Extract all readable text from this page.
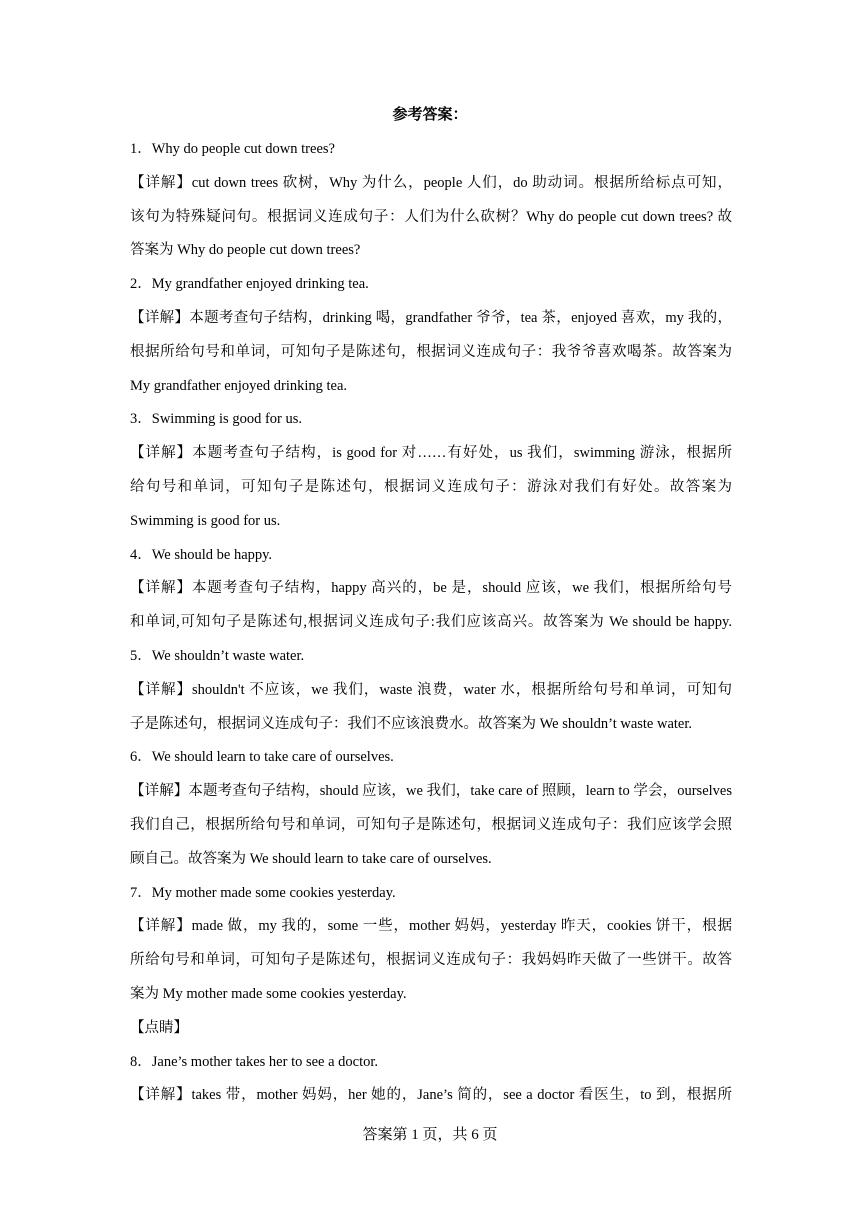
参考答案：
1．Why do people cut down trees?
【详解】cut down trees 砍树，Why 为什么，people 人们，do 助动词。根据所给标点可知，
该句为特殊疑问句。根据词义连成句子：人们为什么砍树？Why do people cut down trees? 故
答案为 Why do people cut down trees?
2．My grandfather enjoyed drinking tea.
【详解】本题考查句子结构，drinking 喝，grandfather 爷爷，tea 茶，enjoyed 喜欢，my 我的，
根据所给句号和单词，可知句子是陈述句，根据词义连成句子：我爷爷喜欢喝茶。故答案为
My grandfather enjoyed drinking tea.
3．Swimming is good for us.
【详解】本题考查句子结构，is good for 对……有好处，us 我们，swimming 游泳，根据所
给句号和单词，可知句子是陈述句，根据词义连成句子：游泳对我们有好处。故答案为
Swimming is good for us.
4．We should be happy.
【详解】本题考查句子结构，happy 高兴的，be 是，should 应该，we 我们，根据所给句号
和单词,可知句子是陈述句,根据词义连成句子:我们应该高兴。故答案为 We should be happy.
5．We shouldn’t waste water.
【详解】shouldn't 不应该，we 我们，waste 浪费，water 水，根据所给句号和单词，可知句
子是陈述句，根据词义连成句子：我们不应该浪费水。故答案为 We shouldn’t waste water.
6．We should learn to take care of ourselves.
【详解】本题考查句子结构，should 应该，we 我们，take care of 照顾，learn to 学会，ourselves
我们自己，根据所给句号和单词，可知句子是陈述句，根据词义连成句子：我们应该学会照
顾自己。故答案为 We should learn to take care of ourselves.
7．My mother made some cookies yesterday.
【详解】made 做，my 我的，some 一些，mother 妈妈，yesterday 昨天，cookies 饼干，根据
所给句号和单词，可知句子是陈述句，根据词义连成句子：我妈妈昨天做了一些饼干。故答
案为 My mother made some cookies yesterday.
【点睛】
8．Jane’s mother takes her to see a doctor.
【详解】takes 带，mother 妈妈，her 她的，Jane’s 简的，see a doctor 看医生，to 到，根据所
答案第 1 页，共 6 页
